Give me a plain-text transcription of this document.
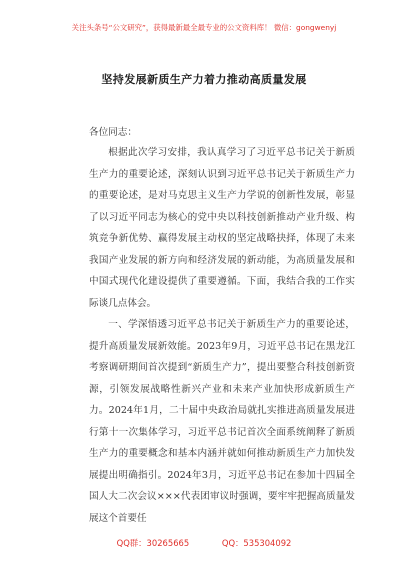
关注头条号“公文研究”，获得最新最全最专业的公文资料库！ 微信：gongwenyj
坚持发展新质生产力着力推动高质量发展
各位同志：

根据此次学习安排，我认真学习了习近平总书记关于新质生产力的重要论述，深刻认识到习近平总书记关于新质生产力的重要论述，是对马克思主义生产力学说的创新性发展，彰显了以习近平同志为核心的党中央以科技创新推动产业升级、构筑竞争新优势、赢得发展主动权的坚定战略抉择，体现了未来我国产业发展的新方向和经济发展的新动能，为高质量发展和中国式现代化建设提供了重要遵循。下面，我结合我的工作实际谈几点体会。

一、学深悟透习近平总书记关于新质生产力的重要论述，提升高质量发展新效能。2023年9月，习近平总书记在黑龙江考察调研期间首次提到“新质生产力”，提出要整合科技创新资源，引领发展战略性新兴产业和未来产业加快形成新质生产力。2024年1月，二十届中央政治局就扎实推进高质量发展进行第十一次集体学习，习近平总书记首次全面系统阐释了新质生产力的重要概念和基本内涵并就如何推动新质生产力加快发展提出明确指引。2024年3月，习近平总书记在参加十四届全国人大二次会议×××代表团审议时强调，要牢牢把握高质量发展这个首要任

QQ群：30265665	QQ：535304092
